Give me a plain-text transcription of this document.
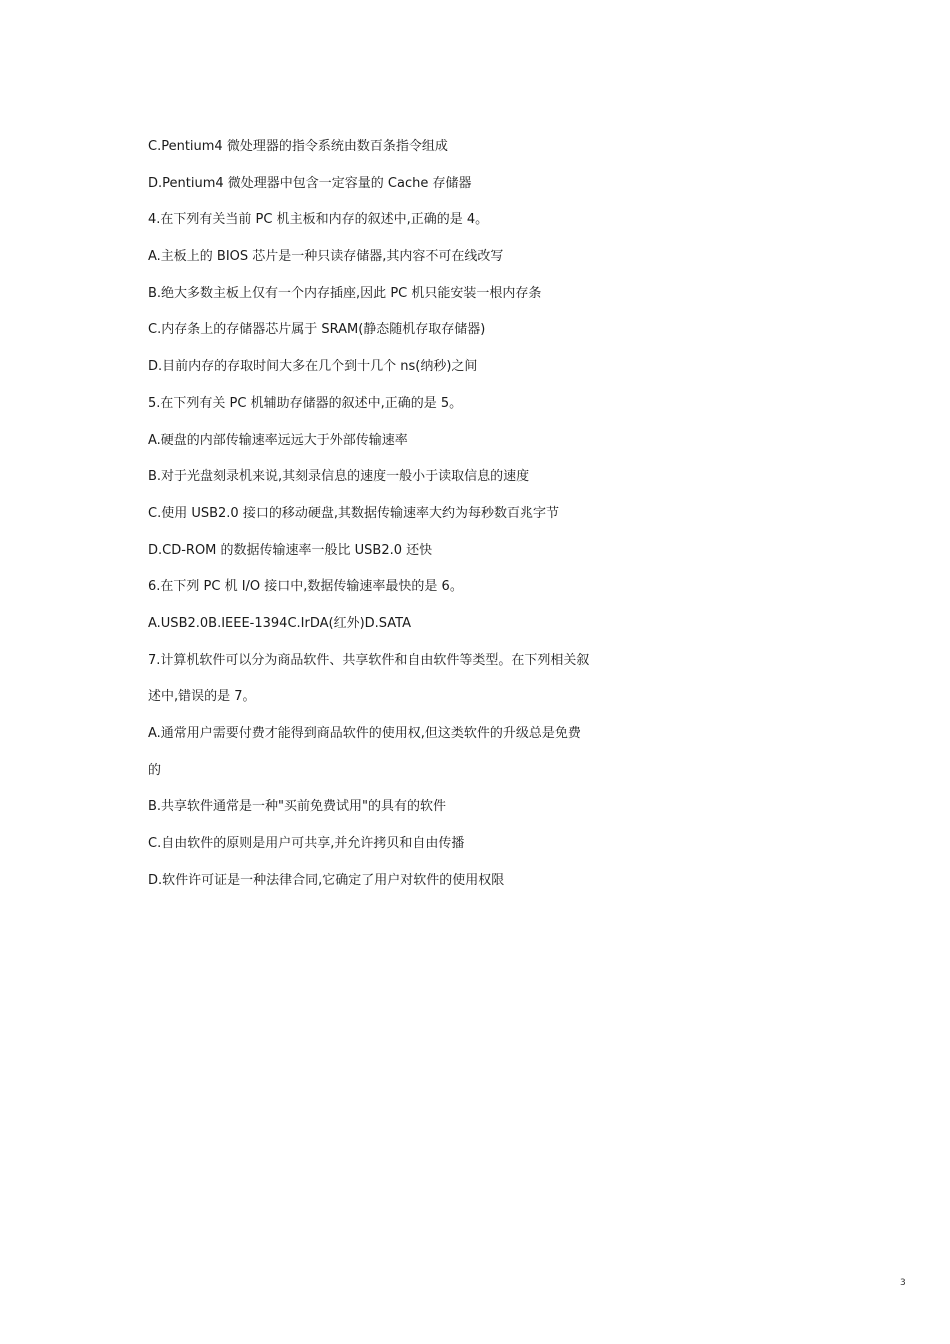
C.Pentium4 微处理器的指令系统由数百条指令组成

D.Pentium4 微处理器中包含一定容量的 Cache 存储器

4.在下列有关当前 PC 机主板和内存的叙述中,正确的是 4。

A.主板上的 BIOS 芯片是一种只读存储器,其内容不可在线改写

B.绝大多数主板上仅有一个内存插座,因此 PC 机只能安装一根内存条

C.内存条上的存储器芯片属于 SRAM(静态随机存取存储器)

D.目前内存的存取时间大多在几个到十几个 ns(纳秒)之间

5.在下列有关 PC 机辅助存储器的叙述中,正确的是 5。

A.硬盘的内部传输速率远远大于外部传输速率

B.对于光盘刻录机来说,其刻录信息的速度一般小于读取信息的速度

C.使用 USB2.0 接口的移动硬盘,其数据传输速率大约为每秒数百兆字节

D.CD-ROM 的数据传输速率一般比 USB2.0 还快

6.在下列 PC 机 I/O 接口中,数据传输速率最快的是 6。

A.USB2.0B.IEEE-1394C.IrDA(红外)D.SATA

7.计算机软件可以分为商品软件、共享软件和自由软件等类型。在下列相关叙

述中,错误的是 7。

A.通常用户需要付费才能得到商品软件的使用权,但这类软件的升级总是免费

的

B.共享软件通常是一种"买前免费试用"的具有的软件

C.自由软件的原则是用户可共享,并允许拷贝和自由传播

D.软件许可证是一种法律合同,它确定了用户对软件的使用权限

3
